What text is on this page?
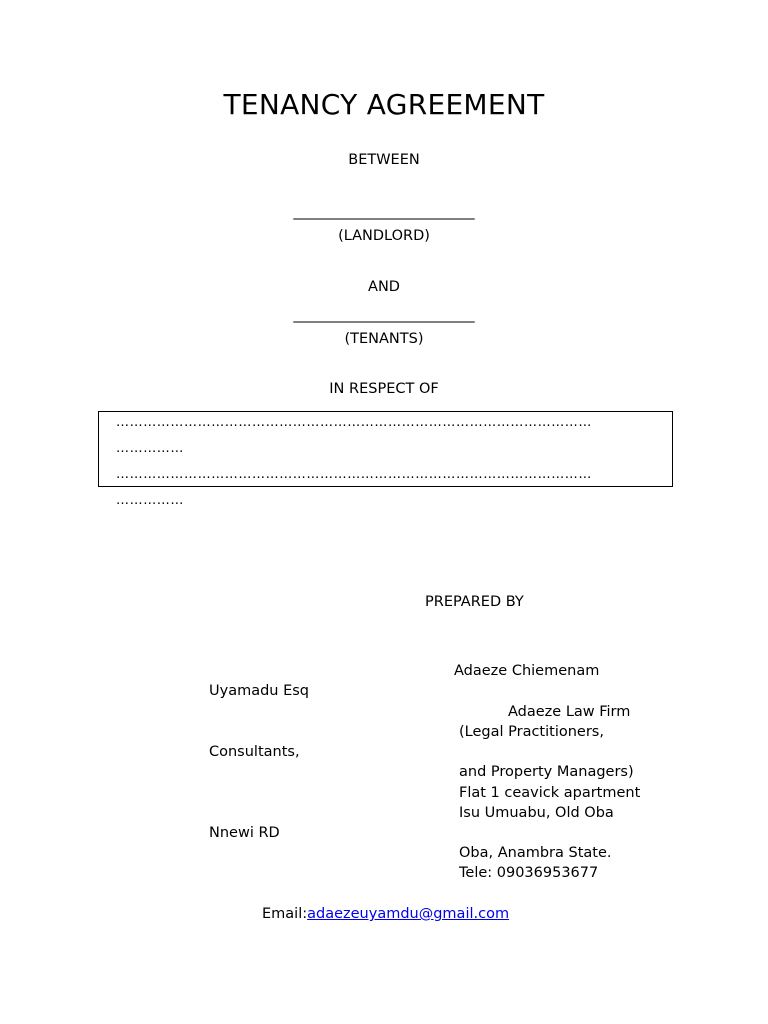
TENANCY AGREEMENT
BETWEEN
_________________________
(LANDLORD)
AND
_________________________
(TENANTS)
IN RESPECT OF
……………………………………………………………………………………………
……………
……………………………………………………………………………………………
……………
PREPARED BY
Adaeze Chiemenam
Uyamadu Esq
Adaeze Law Firm
(Legal Practitioners,
Consultants,
and Property Managers)
Flat 1 ceavick apartment
Isu Umuabu, Old Oba
Nnewi RD
Oba, Anambra State.
Tele: 09036953677
Email:adaezeuyamdu@gmail.com
